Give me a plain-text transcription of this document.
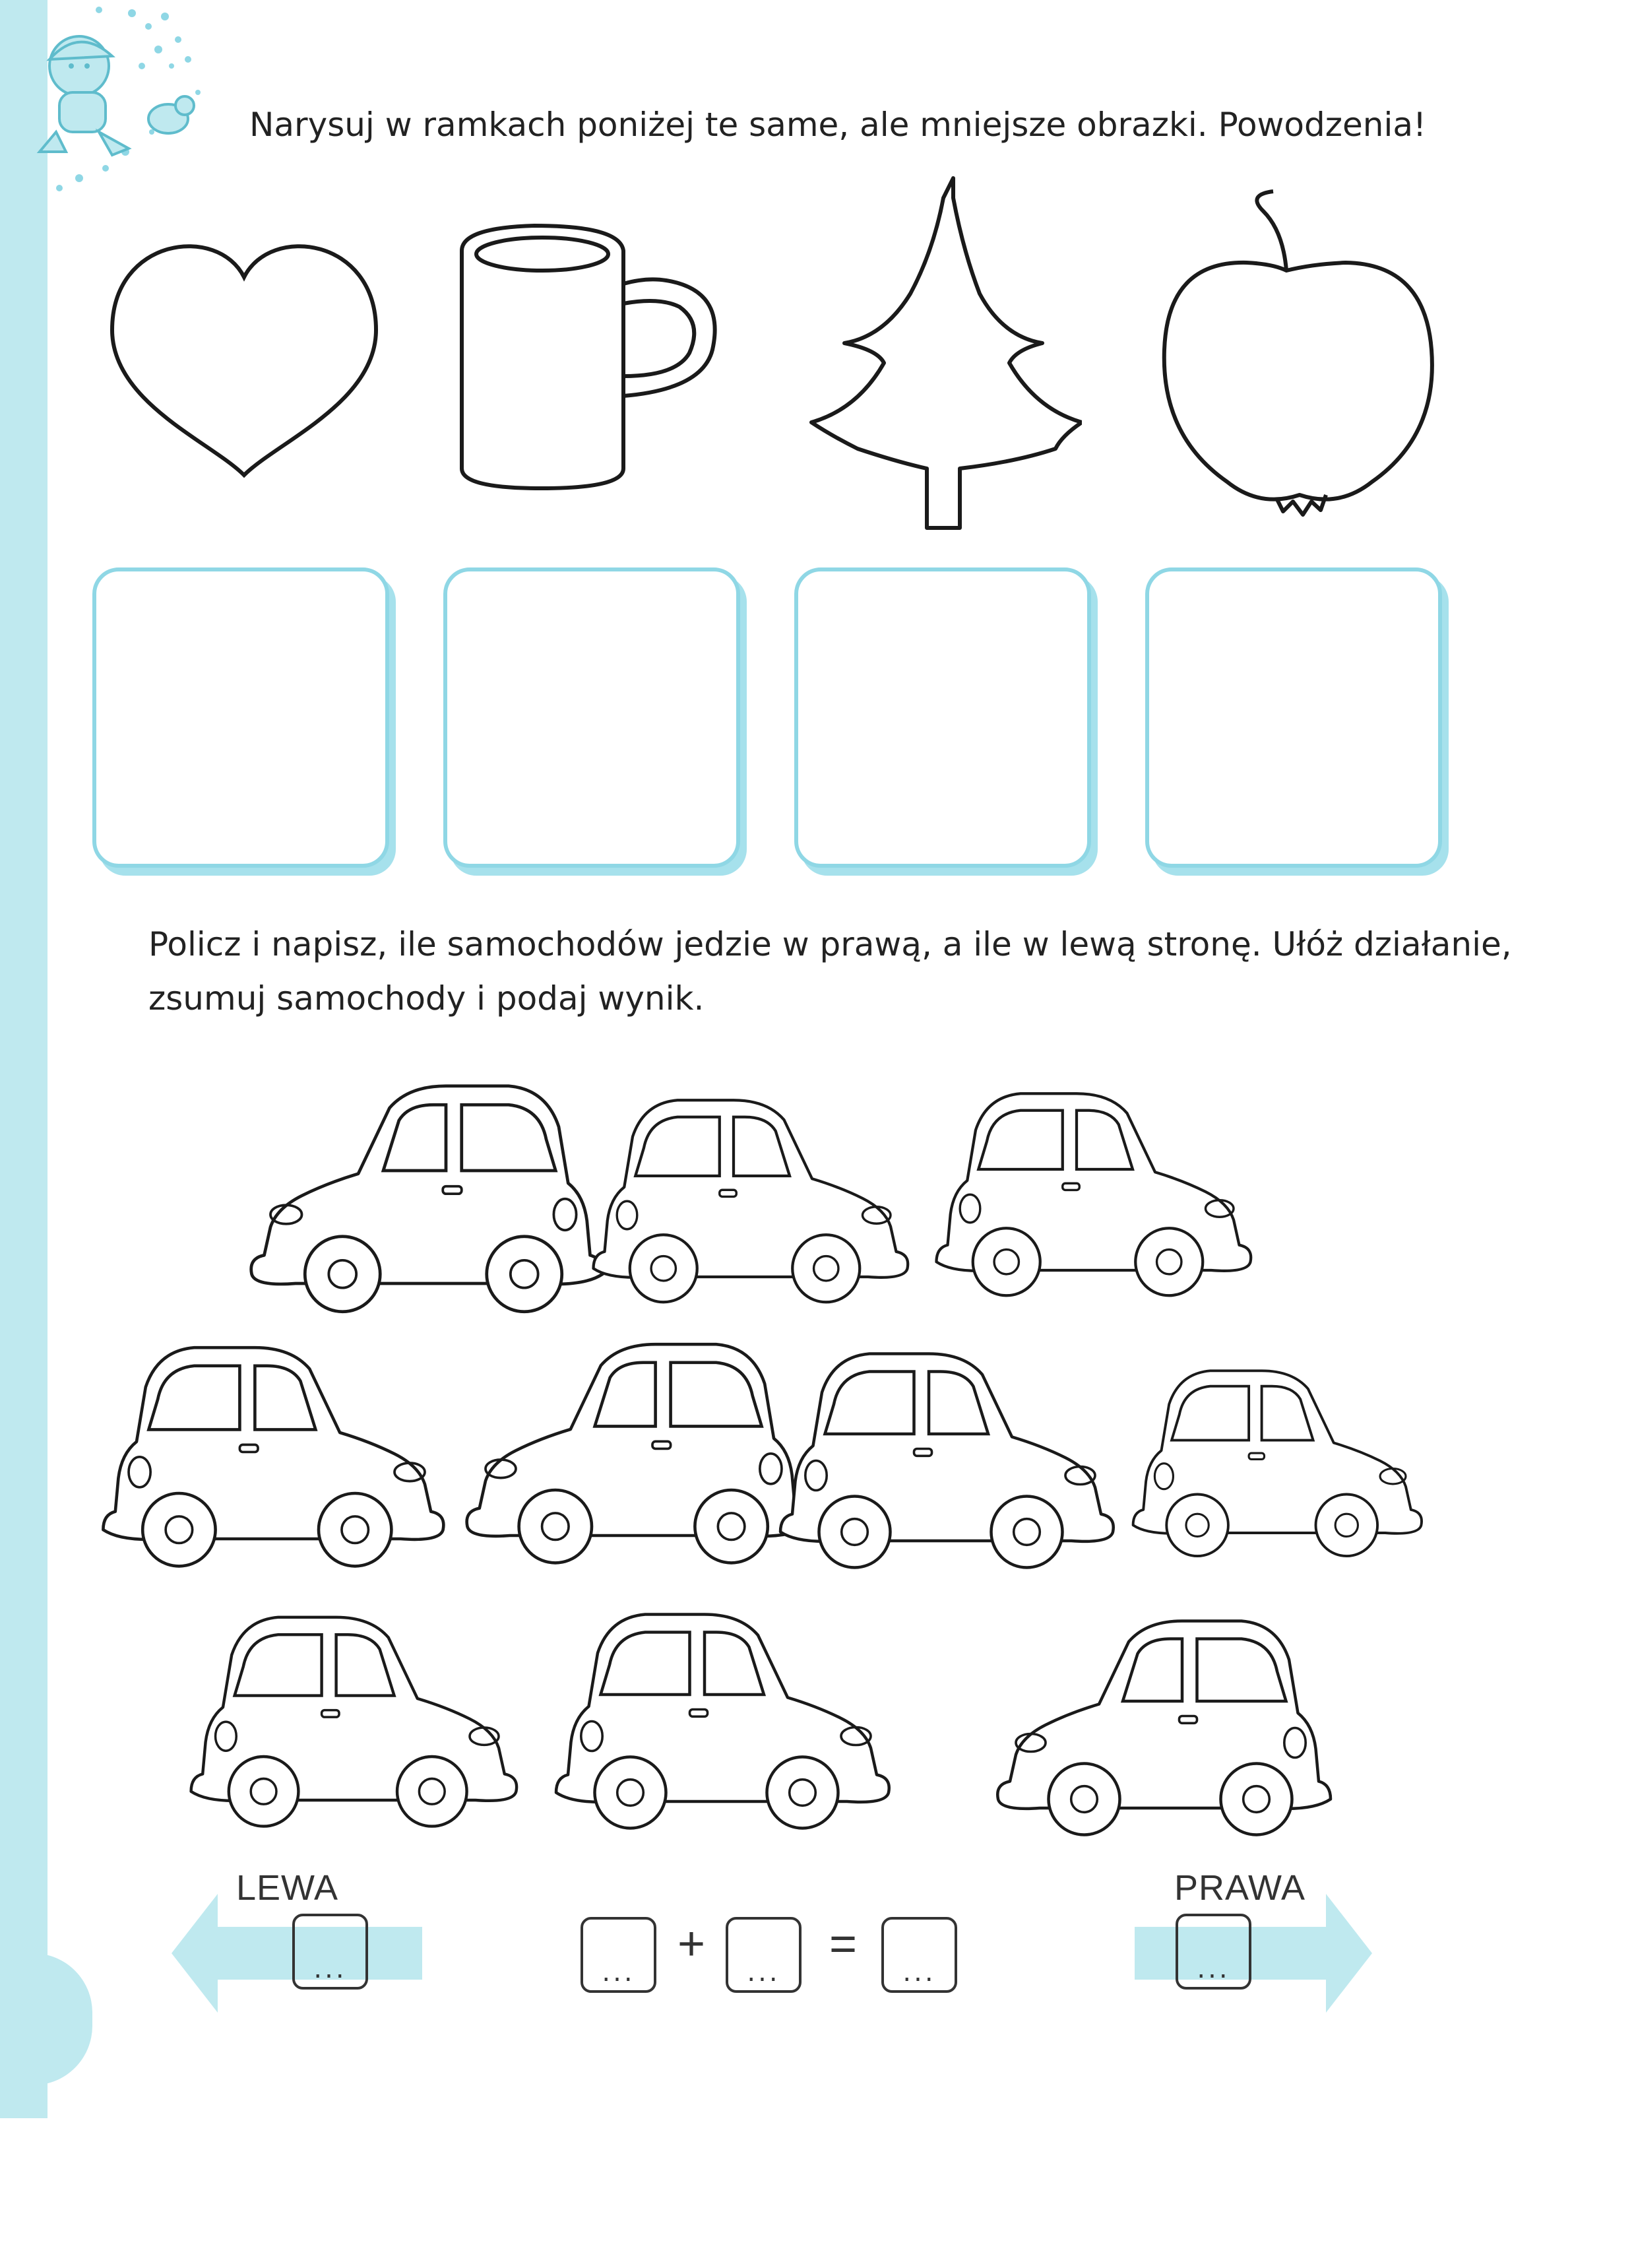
Narysuj w ramkach poniżej te same, ale mniejsze obrazki. Powodzenia!
Policz i napisz, ile samochodów jedzie w prawą, a ile w lewą stronę. Ułóż działanie,
zsumuj samochody i podaj wynik.
LEWA	PRAWA
...	...
+
...
=
...	...
